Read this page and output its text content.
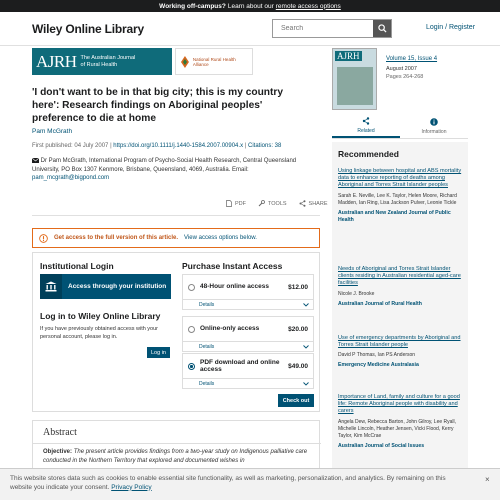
Working off-campus? Learn about our remote access options
Wiley Online Library
Search	Login / Register
AJRH The Australian Journal of Rural Health
National Rural Health Alliance
'I don't want to be in that big city; this is my country here': Research findings on Aboriginal peoples' preference to die at home
Pam McGrath
First published: 04 July 2007 | https://doi.org/10.1111/j.1440-1584.2007.00904.x | Citations: 38
Dr Pam McGrath, International Program of Psycho-Social Health Research, Central Queensland University, PO Box 1307 Kenmore, Brisbane, Queensland, 4069, Australia. Email: pam_mcgrath@bigpond.com
PDF	TOOLS	SHARE
Get access to the full version of this article. View access options below.
Institutional Login
Access through your institution
Log in to Wiley Online Library
If you have previously obtained access with your personal account, please log in.
Log in
Purchase Instant Access
48-Hour online access	$12.00
Details
Online-only access	$20.00
Details
PDF download and online access	$49.00
Details
Check out
Abstract
Objective: The present article provides findings from a two-year study on Indigenous palliative care conducted in the Northern Territory that explored and documented wishes in
AJRH	Volume 15, Issue 4
August 2007
Pages 264-268
Related	Information
Recommended
Using linkage between hospital and ABS mortality data to enhance reporting of deaths among Aboriginal and Torres Strait Islander peoples
Sarah E. Neville, Lee K. Taylor, Helen Moore, Richard Madden, Ian Ring, Lisa Jackson Pulver, Leonie Tickle
Australian and New Zealand Journal of Public Health
Needs of Aboriginal and Torres Strait Islander clients residing in Australian residential aged-care facilities
Nicole J. Brooke
Australian Journal of Rural Health
Use of emergency departments by Aboriginal and Torres Strait Islander people
David P Thomas, Ian PS Anderson
Emergency Medicine Australasia
Importance of Land, family and culture for a good life: Remote Aboriginal people with disability and carers
Angela Dew, Rebecca Barton, John Gilroy, Lee Ryall, Michelle Lincoln, Heather Jensen, Vicki Flood, Kerry Taylor, Kim McCrae
Australian Journal of Social Issues
This website stores data such as cookies to enable essential site functionality, as well as marketing, personalization, and analytics. By remaining on this website you indicate your consent. Privacy Policy
×
